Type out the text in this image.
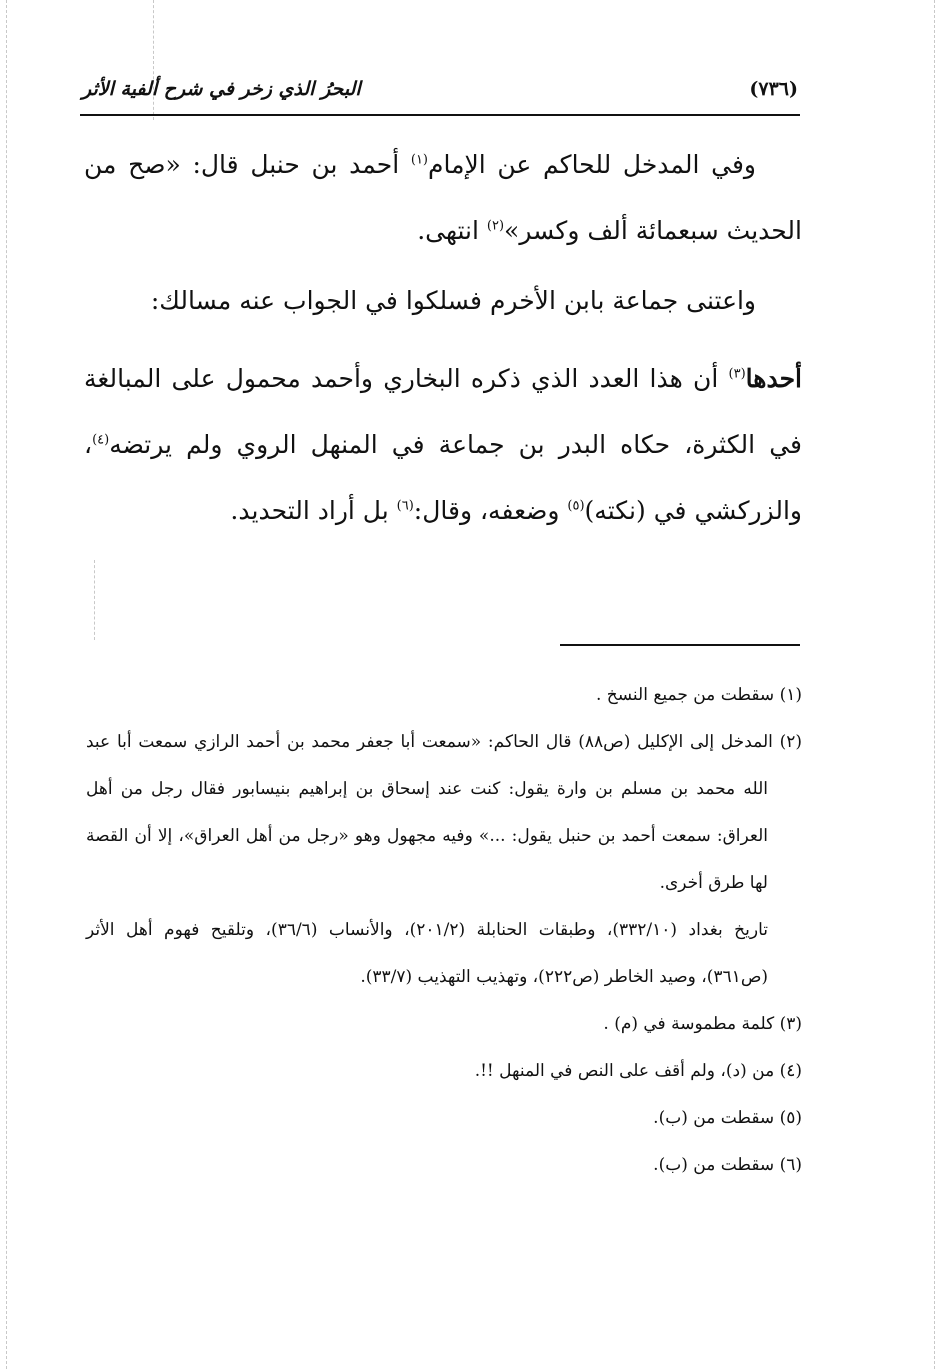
(٧٣٦)
البحرُ الذي زخر في شرح ألفية الأثر

وفي المدخل للحاكم عن الإمام$^{(١)}$ أحمد بن حنبل قال: «صح من الحديث سبعمائة ألف وكسر»$^{(٢)}$ انتهى.

واعتنى جماعة بابن الأخرم فسلكوا في الجواب عنه مسالك:

أحدها$^{(٣)}$ أن هذا العدد الذي ذكره البخاري وأحمد محمول على المبالغة في الكثرة، حكاه البدر بن جماعة في المنهل الروي ولم يرتضه$^{(٤)}$، والزركشي في (نكته)$^{(٥)}$ وضعفه، وقال:$^{(٦)}$ بل أراد التحديد.

(١) سقطت من جميع النسخ .

(٢) المدخل إلى الإكليل (ص٨٨) قال الحاكم: «سمعت أبا جعفر محمد بن أحمد الرازي سمعت أبا عبد الله محمد بن مسلم بن وارة يقول: كنت عند إسحاق بن إبراهيم بنيسابور فقال رجل من أهل العراق: سمعت أحمد بن حنبل يقول: ...» وفيه مجهول وهو «رجل من أهل العراق»، إلا أن القصة لها طرق أخرى.

تاريخ بغداد (٣٣٢/١٠)، وطبقات الحنابلة (٢٠١/٢)، والأنساب (٣٦/٦)، وتلقيح فهوم أهل الأثر (ص٣٦١)، وصيد الخاطر (ص٢٢٢)، وتهذيب التهذيب (٣٣/٧).

(٣) كلمة مطموسة في (م) .

(٤) من (د)، ولم أقف على النص في المنهل !!.

(٥) سقطت من (ب).

(٦) سقطت من (ب).
